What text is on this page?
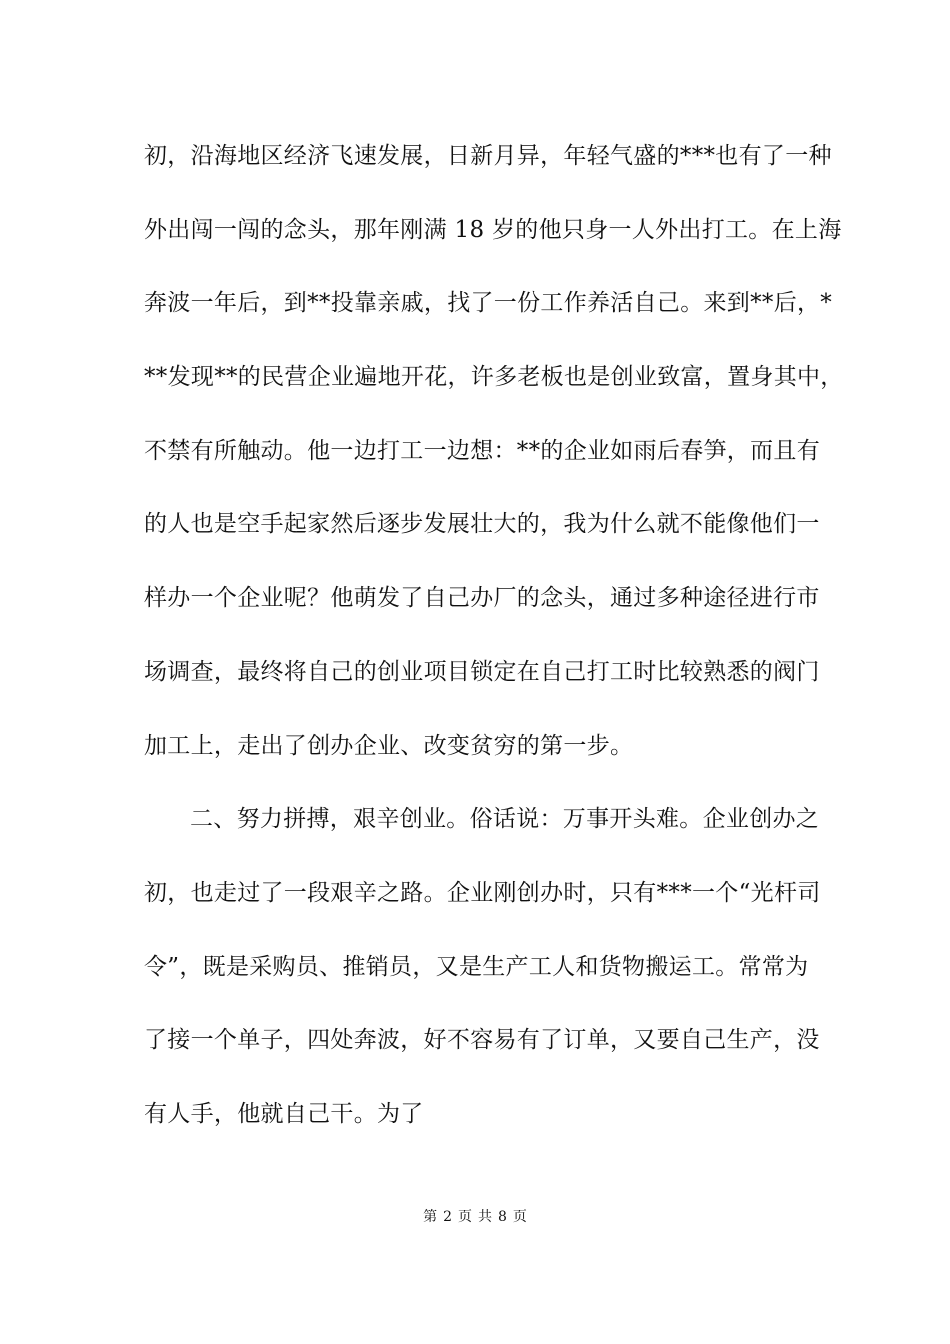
初，沿海地区经济飞速发展，日新月异，年轻气盛的***也有了一种
外出闯一闯的念头，那年刚满 18 岁的他只身一人外出打工。在上海
奔波一年后，到**投靠亲戚，找了一份工作养活自己。来到**后，*
**发现**的民营企业遍地开花，许多老板也是创业致富，置身其中，
不禁有所触动。他一边打工一边想：**的企业如雨后春笋，而且有
的人也是空手起家然后逐步发展壮大的，我为什么就不能像他们一
样办一个企业呢？他萌发了自己办厂的念头，通过多种途径进行市
场调查，最终将自己的创业项目锁定在自己打工时比较熟悉的阀门
加工上，走出了创办企业、改变贫穷的第一步。
二、努力拼搏，艰辛创业。俗话说：万事开头难。企业创办之
初，也走过了一段艰辛之路。企业刚创办时，只有***一个“光杆司
令”，既是采购员、推销员，又是生产工人和货物搬运工。常常为
了接一个单子，四处奔波，好不容易有了订单，又要自己生产，没
有人手，他就自己干。为了
第 2 页 共 8 页
